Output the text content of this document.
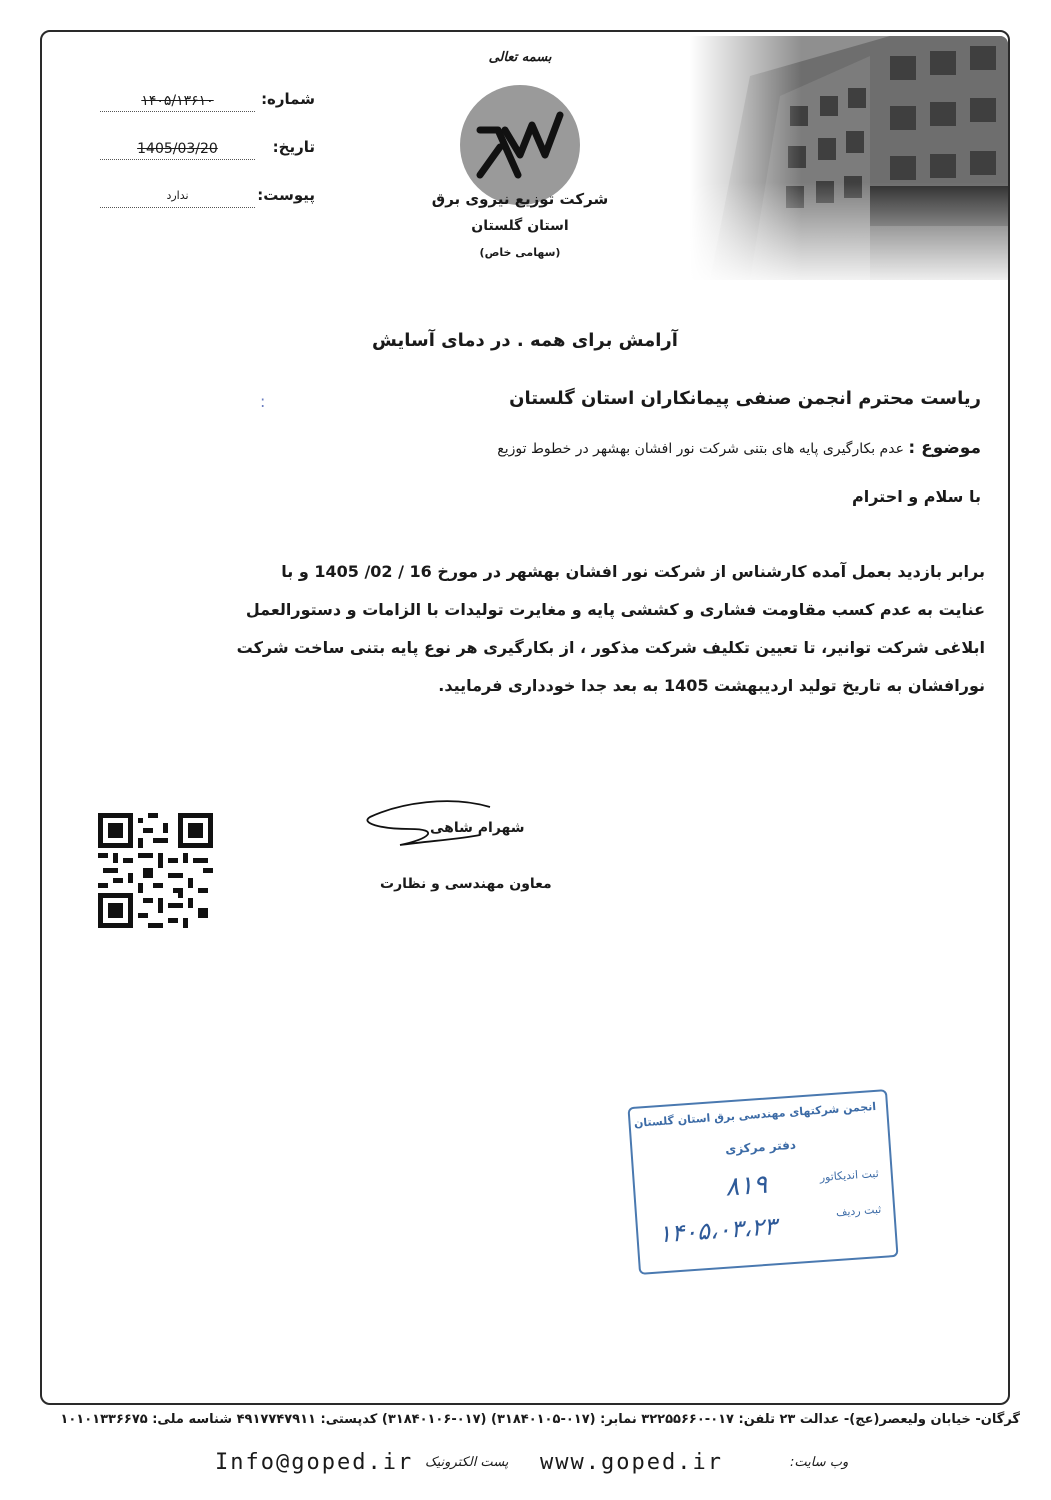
بسمه تعالی
شرکت توزیع نیروی برق
استان گلستان
(سهامی خاص)
شماره:
۱۴۰۵/۱۳۶۱۰
تاریخ:
1405/03/20
پیوست:
ندارد
آرامش برای همه . در دمای آسایش
:	ریاست محترم انجمن صنفی پیمانکاران استان گلستان
موضوع : عدم بکارگیری پایه های بتنی شرکت نور افشان بهشهر در خطوط توزیع
با سلام و احترام

برابر بازدید بعمل آمده کارشناس از شرکت نور افشان بهشهر در مورخ 16 / 02/ 1405 و با

عنایت به عدم کسب مقاومت فشاری و کششی پایه و مغایرت تولیدات با الزامات و دستورالعمل

ابلاغی شرکت توانیر، تا تعیین تکلیف شرکت مذکور ، از بکارگیری هر نوع پایه بتنی ساخت شرکت

نورافشان به تاریخ تولید اردیبهشت 1405 به بعد جدا خودداری فرمایید.

شهرام شاهی
معاون مهندسی و نظارت
انجمن شرکتهای مهندسی برق استان گلستان
دفتر مرکزی
ثبت اندیکاتور
۸۱۹
ثبت ردیف
۱۴۰۵،۰۳،۲۳
گرگان- خیابان ولیعصر(عج)- عدالت ۲۳ تلفن: ۰۱۷-۳۲۲۵۵۶۶۰ نمابر: (۰۱۷-۳۱۸۴۰۱۰۵) (۰۱۷-۳۱۸۴۰۱۰۶) کدپستی: ۴۹۱۷۷۴۷۹۱۱ شناسه ملی: ۱۰۱۰۱۳۳۶۶۷۵
وب سایت:
www.goped.ir
پست الکترونیک
Info@goped.ir
